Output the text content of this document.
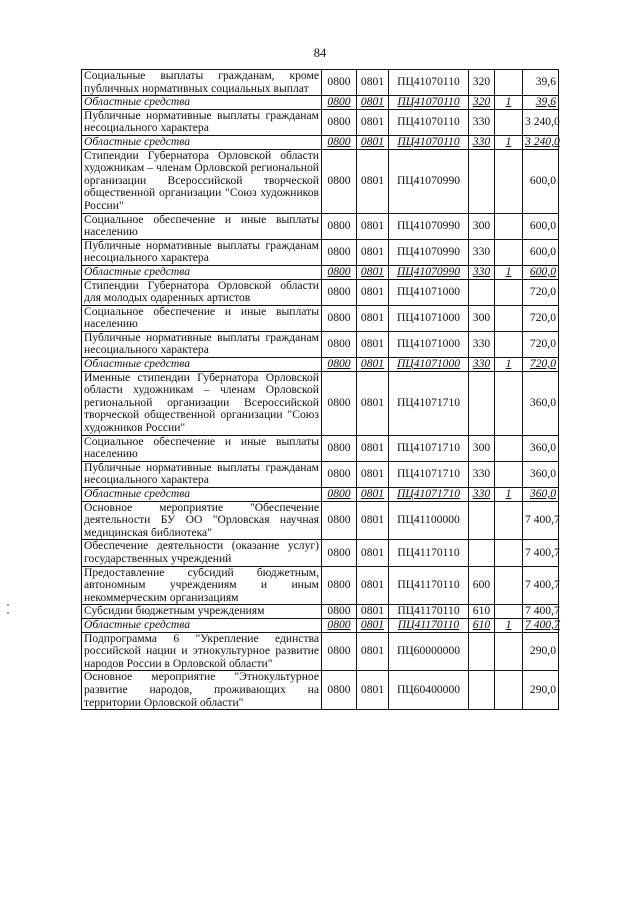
84
Социальные выплаты гражданам, кроме публичных нормативных социальных выплат	0800	0801	ПЦ41070110	320		39,6
Областные средства	0800	0801	ПЦ41070110	320	1	39,6
Публичные нормативные выплаты гражданам несоциального характера	0800	0801	ПЦ41070110	330		3 240,0
Областные средства	0800	0801	ПЦ41070110	330	1	3 240,0
Стипендии Губернатора Орловской области художникам – членам Орловской региональной организации Всероссийской творческой общественной организации "Союз художников России"	0800	0801	ПЦ41070990			600,0
Социальное обеспечение и иные выплаты населению	0800	0801	ПЦ41070990	300		600,0
Публичные нормативные выплаты гражданам несоциального характера	0800	0801	ПЦ41070990	330		600,0
Областные средства	0800	0801	ПЦ41070990	330	1	600,0
Стипендии Губернатора Орловской области для молодых одаренных артистов	0800	0801	ПЦ41071000			720,0
Социальное обеспечение и иные выплаты населению	0800	0801	ПЦ41071000	300		720,0
Публичные нормативные выплаты гражданам несоциального характера	0800	0801	ПЦ41071000	330		720,0
Областные средства	0800	0801	ПЦ41071000	330	1	720,0
Именные стипендии Губернатора Орловской области художникам – членам Орловской региональной организации Всероссийской творческой общественной организации "Союз художников России"	0800	0801	ПЦ41071710			360,0
Социальное обеспечение и иные выплаты населению	0800	0801	ПЦ41071710	300		360,0
Публичные нормативные выплаты гражданам несоциального характера	0800	0801	ПЦ41071710	330		360,0
Областные средства	0800	0801	ПЦ41071710	330	1	360,0
Основное мероприятие "Обеспечение деятельности БУ ОО "Орловская научная медицинская библиотека"	0800	0801	ПЦ41100000			7 400,7
Обеспечение деятельности (оказание услуг) государственных учреждений	0800	0801	ПЦ41170110			7 400,7
Предоставление субсидий бюджетным, автономным учреждениям и иным некоммерческим организациям	0800	0801	ПЦ41170110	600		7 400,7
Субсидии бюджетным учреждениям	0800	0801	ПЦ41170110	610		7 400,7
Областные средства	0800	0801	ПЦ41170110	610	1	7 400,7
Подпрограмма 6 "Укрепление единства российской нации и этнокультурное развитие народов России в Орловской области"	0800	0801	ПЦ60000000			290,0
Основное мероприятие "Этнокультурное развитие народов, проживающих на территории Орловской области"	0800	0801	ПЦ60400000			290,0
